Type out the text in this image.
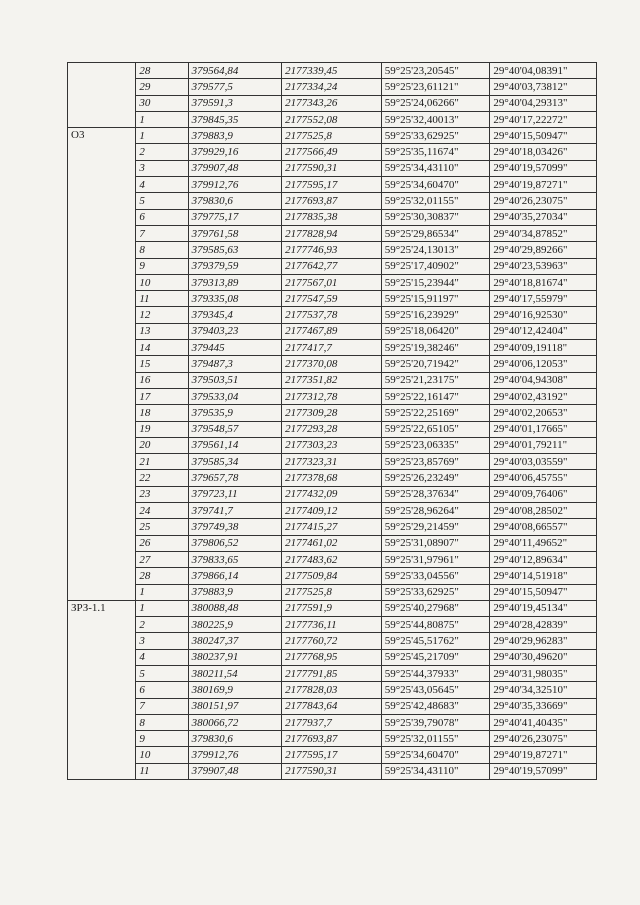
	28	379564,84	2177339,45	59°25'23,20545"	29°40'04,08391"
	29	379577,5	2177334,24	59°25'23,61121"	29°40'03,73812"
	30	379591,3	2177343,26	59°25'24,06266"	29°40'04,29313"
	1	379845,35	2177552,08	59°25'32,40013"	29°40'17,22272"
O3	1	379883,9	2177525,8	59°25'33,62925"	29°40'15,50947"
	2	379929,16	2177566,49	59°25'35,11674"	29°40'18,03426"
	3	379907,48	2177590,31	59°25'34,43110"	29°40'19,57099"
	4	379912,76	2177595,17	59°25'34,60470"	29°40'19,87271"
	5	379830,6	2177693,87	59°25'32,01155"	29°40'26,23075"
	6	379775,17	2177835,38	59°25'30,30837"	29°40'35,27034"
	7	379761,58	2177828,94	59°25'29,86534"	29°40'34,87852"
	8	379585,63	2177746,93	59°25'24,13013"	29°40'29,89266"
	9	379379,59	2177642,77	59°25'17,40902"	29°40'23,53963"
	10	379313,89	2177567,01	59°25'15,23944"	29°40'18,81674"
	11	379335,08	2177547,59	59°25'15,91197"	29°40'17,55979"
	12	379345,4	2177537,78	59°25'16,23929"	29°40'16,92530"
	13	379403,23	2177467,89	59°25'18,06420"	29°40'12,42404"
	14	379445	2177417,7	59°25'19,38246"	29°40'09,19118"
	15	379487,3	2177370,08	59°25'20,71942"	29°40'06,12053"
	16	379503,51	2177351,82	59°25'21,23175"	29°40'04,94308"
	17	379533,04	2177312,78	59°25'22,16147"	29°40'02,43192"
	18	379535,9	2177309,28	59°25'22,25169"	29°40'02,20653"
	19	379548,57	2177293,28	59°25'22,65105"	29°40'01,17665"
	20	379561,14	2177303,23	59°25'23,06335"	29°40'01,79211"
	21	379585,34	2177323,31	59°25'23,85769"	29°40'03,03559"
	22	379657,78	2177378,68	59°25'26,23249"	29°40'06,45755"
	23	379723,11	2177432,09	59°25'28,37634"	29°40'09,76406"
	24	379741,7	2177409,12	59°25'28,96264"	29°40'08,28502"
	25	379749,38	2177415,27	59°25'29,21459"	29°40'08,66557"
	26	379806,52	2177461,02	59°25'31,08907"	29°40'11,49652"
	27	379833,65	2177483,62	59°25'31,97961"	29°40'12,89634"
	28	379866,14	2177509,84	59°25'33,04556"	29°40'14,51918"
	1	379883,9	2177525,8	59°25'33,62925"	29°40'15,50947"
ЗРЗ-1.1	1	380088,48	2177591,9	59°25'40,27968"	29°40'19,45134"
	2	380225,9	2177736,11	59°25'44,80875"	29°40'28,42839"
	3	380247,37	2177760,72	59°25'45,51762"	29°40'29,96283"
	4	380237,91	2177768,95	59°25'45,21709"	29°40'30,49620"
	5	380211,54	2177791,85	59°25'44,37933"	29°40'31,98035"
	6	380169,9	2177828,03	59°25'43,05645"	29°40'34,32510"
	7	380151,97	2177843,64	59°25'42,48683"	29°40'35,33669"
	8	380066,72	2177937,7	59°25'39,79078"	29°40'41,40435"
	9	379830,6	2177693,87	59°25'32,01155"	29°40'26,23075"
	10	379912,76	2177595,17	59°25'34,60470"	29°40'19,87271"
	11	379907,48	2177590,31	59°25'34,43110"	29°40'19,57099"
